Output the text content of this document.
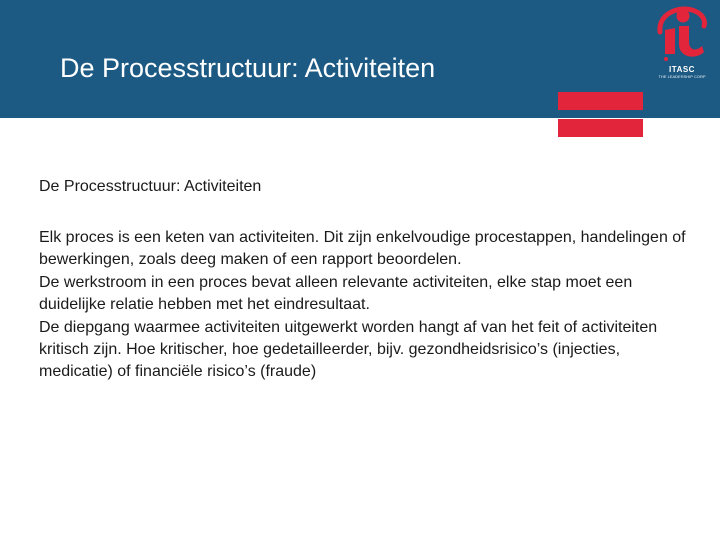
De Processtructuur: Activiteiten	ITASC
THE LEADERSHIP CORP
De Processtructuur: Activiteiten
Elk proces is een keten van activiteiten. Dit zijn enkelvoudige procestappen, handelingen of bewerkingen, zoals deeg maken of een rapport beoordelen.
De werkstroom in een proces bevat alleen relevante activiteiten, elke stap moet een duidelijke relatie hebben met het eindresultaat.
De diepgang waarmee activiteiten uitgewerkt worden hangt af van het feit of activiteiten kritisch zijn. Hoe kritischer, hoe gedetailleerder, bijv. gezondheidsrisico’s (injecties, medicatie) of financiële risico’s (fraude)
